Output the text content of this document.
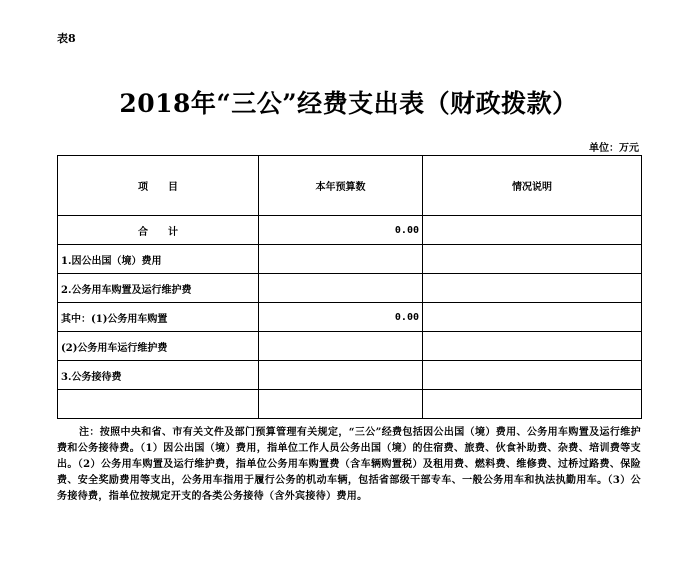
表8
2018年“三公”经费支出表（财政拨款）
单位：万元
项　　目	本年预算数	情况说明
合　　计	0.00	
1.因公出国（境）费用		
2.公务用车购置及运行维护费		
其中：(1)公务用车购置	0.00	
(2)公务用车运行维护费		
3.公务接待费		

注：按照中央和省、市有关文件及部门预算管理有关规定，“三公”经费包括因公出国（境）费用、公务用车购置及运行维护费和公务接待费。（1）因公出国（境）费用，指单位工作人员公务出国（境）的住宿费、旅费、伙食补助费、杂费、培训费等支出。（2）公务用车购置及运行维护费，指单位公务用车购置费（含车辆购置税）及租用费、燃料费、维修费、过桥过路费、保险费、安全奖励费用等支出，公务用车指用于履行公务的机动车辆，包括省部级干部专车、一般公务用车和执法执勤用车。（3）公务接待费，指单位按规定开支的各类公务接待（含外宾接待）费用。
